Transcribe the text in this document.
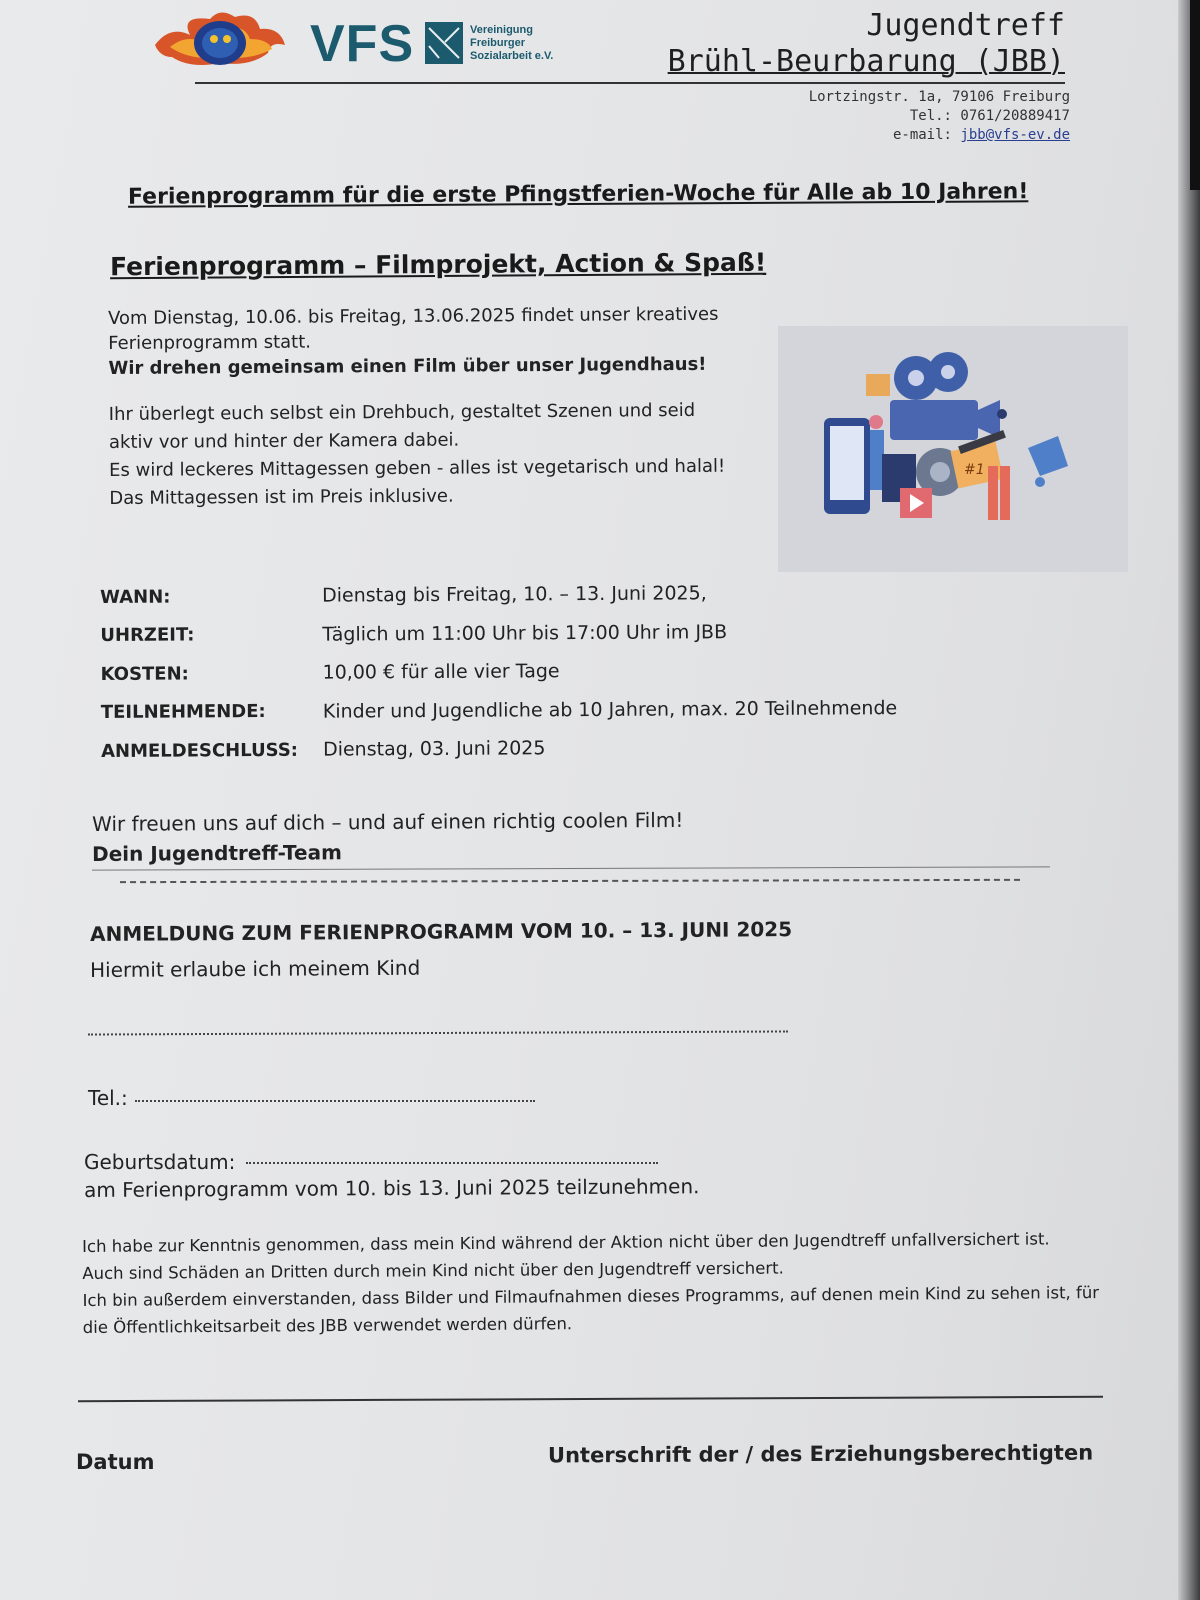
VFS	Vereinigung
Freiburger
Sozialarbeit e.V.
Jugendtreff
Brühl-Beurbarung (JBB)
Lortzingstr. 1a, 79106 Freiburg
Tel.: 0761/20889417
e-mail: jbb@vfs-ev.de
Ferienprogramm für die erste Pfingstferien-Woche für Alle ab 10 Jahren!
Ferienprogramm – Filmprojekt, Action & Spaß!

Vom Dienstag, 10.06. bis Freitag, 13.06.2025 findet unser kreatives

Ferienprogramm statt.

Wir drehen gemeinsam einen Film über unser Jugendhaus!

Ihr überlegt euch selbst ein Drehbuch, gestaltet Szenen und seid

aktiv vor und hinter der Kamera dabei.

Es wird leckeres Mittagessen geben - alles ist vegetarisch und halal!

Das Mittagessen ist im Preis inklusive.

#1
WANN:	Dienstag bis Freitag, 10. – 13. Juni 2025,
UHRZEIT:	Täglich um 11:00 Uhr bis 17:00 Uhr im JBB
KOSTEN:	10,00 € für alle vier Tage
TEILNEHMENDE:	Kinder und Jugendliche ab 10 Jahren, max. 20 Teilnehmende
ANMELDESCHLUSS:	Dienstag, 03. Juni 2025
Wir freuen uns auf dich – und auf einen richtig coolen Film!
Dein Jugendtreff-Team
ANMELDUNG ZUM FERIENPROGRAMM VOM 10. – 13. JUNI 2025
Hiermit erlaube ich meinem Kind
Tel.:
Geburtsdatum:
am Ferienprogramm vom 10. bis 13. Juni 2025 teilzunehmen.

Ich habe zur Kenntnis genommen, dass mein Kind während der Aktion nicht über den Jugendtreff unfallversichert ist.

Auch sind Schäden an Dritten durch mein Kind nicht über den Jugendtreff versichert.

Ich bin außerdem einverstanden, dass Bilder und Filmaufnahmen dieses Programms, auf denen mein Kind zu sehen ist, für

die Öffentlichkeitsarbeit des JBB verwendet werden dürfen.

Datum	Unterschrift der / des Erziehungsberechtigten
